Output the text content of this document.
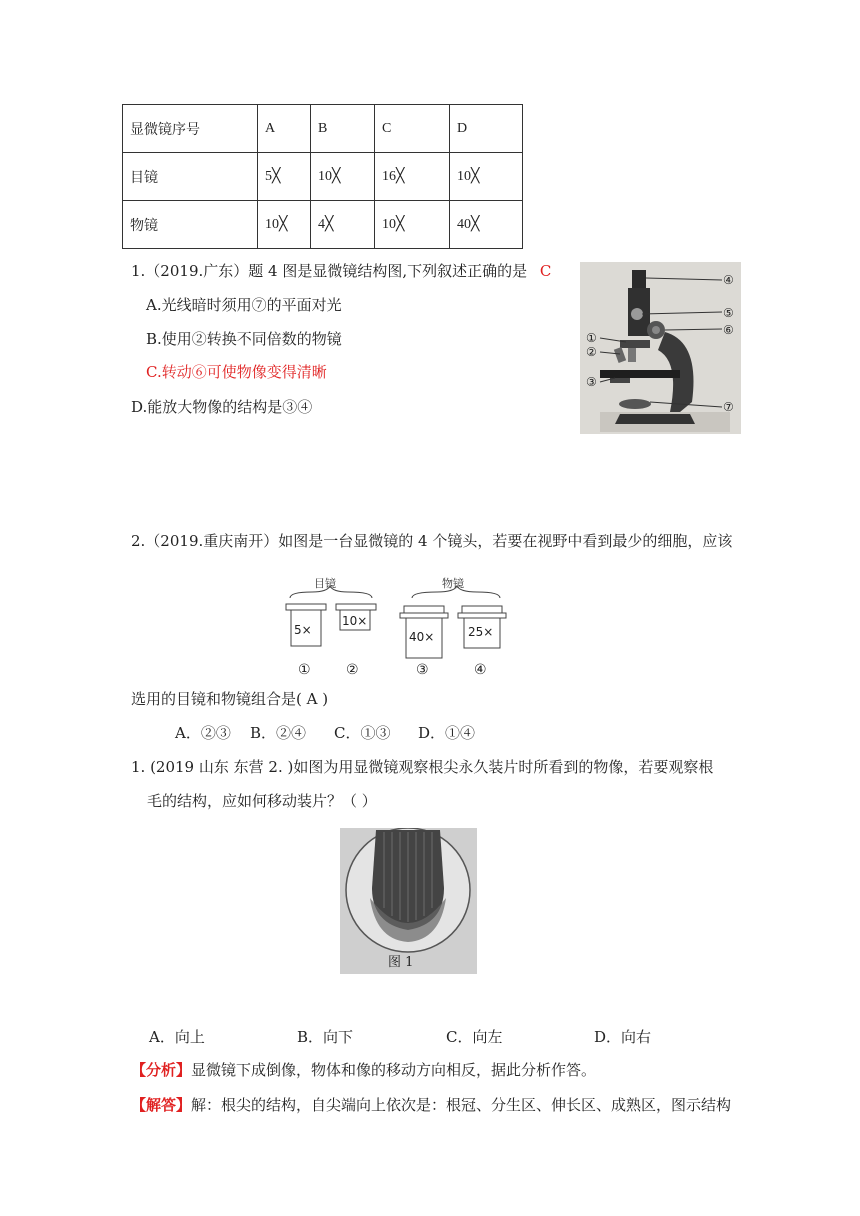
显微镜序号	A	B	C	D
目镜	5╳	10╳	16╳	10╳
物镜	10╳	4╳	10╳	40╳
1.（2019.广东）题 4 图是显微镜结构图,下列叙述正确的是 C
A.光线暗时须用⑦的平面对光
B.使用②转换不同倍数的物镜
C.转动⑥可使物像变得清晰
D.能放大物像的结构是③④
④
⑤
⑥
①
②
③
⑦
2.（2019.重庆南开）如图是一台显微镜的 4 个镜头，若要在视野中看到最少的细胞，应该
目镜	物镜
5×
10×
40×	25×
①	②	③	④
选用的目镜和物镜组合是( A )
A．②③ B．②④ C．①③ D．①④
1. (2019 山东 东营 2. )如图为用显微镜观察根尖永久装片时所看到的物像，若要观察根
毛的结构，应如何移动装片？（ ）
图 1
A．向上	B．向下	C．向左	D．向右
【分析】显微镜下成倒像，物体和像的移动方向相反，据此分析作答。
【解答】解：根尖的结构，自尖端向上依次是：根冠、分生区、伸长区、成熟区，图示结构
